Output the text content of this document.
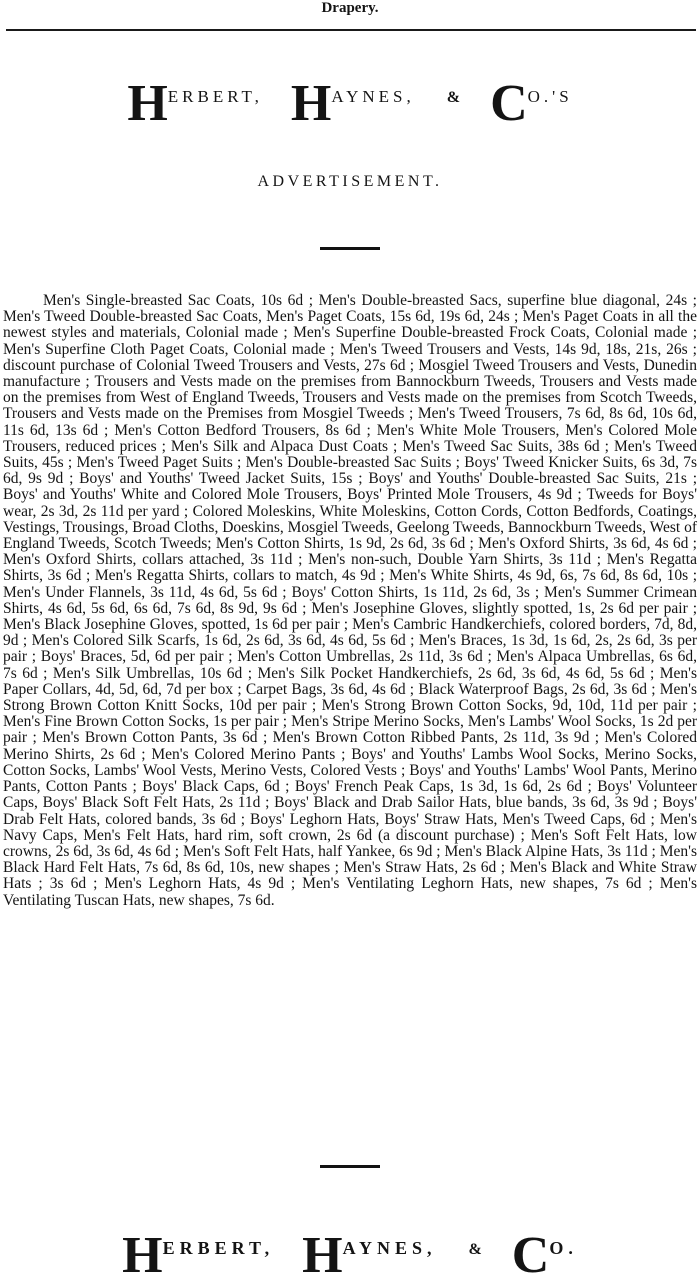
Drapery.
H ERBERT, H AYNES, & C O.'S
ADVERTISEMENT.

Men's Single-breasted Sac Coats, 10s 6d ; Men's Double-breasted Sacs, superfine blue diagonal, 24s ; Men's Tweed Double-breasted Sac Coats, Men's Paget Coats, 15s 6d, 19s 6d, 24s ; Men's Paget Coats in all the newest styles and materials, Colonial made ; Men's Superfine Double-breasted Frock Coats, Colonial made ; Men's Superfine Cloth Paget Coats, Colonial made ; Men's Tweed Trousers and Vests, 14s 9d, 18s, 21s, 26s ; discount purchase of Colonial Tweed Trousers and Vests, 27s 6d ; Mosgiel Tweed Trousers and Vests, Dunedin manufacture ; Trousers and Vests made on the premises from Bannockburn Tweeds, Trousers and Vests made on the premises from West of England Tweeds, Trousers and Vests made on the premises from Scotch Tweeds, Trousers and Vests made on the Premises from Mosgiel Tweeds ; Men's Tweed Trousers, 7s 6d, 8s 6d, 10s 6d, 11s 6d, 13s 6d ; Men's Cotton Bedford Trousers, 8s 6d ; Men's White Mole Trousers, Men's Colored Mole Trousers, reduced prices ; Men's Silk and Alpaca Dust Coats ; Men's Tweed Sac Suits, 38s 6d ; Men's Tweed Suits, 45s ; Men's Tweed Paget Suits ; Men's Double-breasted Sac Suits ; Boys' Tweed Knicker Suits, 6s 3d, 7s 6d, 9s 9d ; Boys' and Youths' Tweed Jacket Suits, 15s ; Boys' and Youths' Double-breasted Sac Suits, 21s ; Boys' and Youths' White and Colored Mole Trousers, Boys' Printed Mole Trousers, 4s 9d ; Tweeds for Boys' wear, 2s 3d, 2s 11d per yard ; Colored Moleskins, White Moleskins, Cotton Cords, Cotton Bedfords, Coatings, Vestings, Trousings, Broad Cloths, Doeskins, Mosgiel Tweeds, Geelong Tweeds, Bannockburn Tweeds, West of England Tweeds, Scotch Tweeds; Men's Cotton Shirts, 1s 9d, 2s 6d, 3s 6d ; Men's Oxford Shirts, 3s 6d, 4s 6d ; Men's Oxford Shirts, collars attached, 3s 11d ; Men's non-such, Double Yarn Shirts, 3s 11d ; Men's Regatta Shirts, 3s 6d ; Men's Regatta Shirts, collars to match, 4s 9d ; Men's White Shirts, 4s 9d, 6s, 7s 6d, 8s 6d, 10s ; Men's Under Flannels, 3s 11d, 4s 6d, 5s 6d ; Boys' Cotton Shirts, 1s 11d, 2s 6d, 3s ; Men's Summer Crimean Shirts, 4s 6d, 5s 6d, 6s 6d, 7s 6d, 8s 9d, 9s 6d ; Men's Josephine Gloves, slightly spotted, 1s, 2s 6d per pair ; Men's Black Josephine Gloves, spotted, 1s 6d per pair ; Men's Cambric Handkerchiefs, colored borders, 7d, 8d, 9d ; Men's Colored Silk Scarfs, 1s 6d, 2s 6d, 3s 6d, 4s 6d, 5s 6d ; Men's Braces, 1s 3d, 1s 6d, 2s, 2s 6d, 3s per pair ; Boys' Braces, 5d, 6d per pair ; Men's Cotton Umbrellas, 2s 11d, 3s 6d ; Men's Alpaca Umbrellas, 6s 6d, 7s 6d ; Men's Silk Umbrellas, 10s 6d ; Men's Silk Pocket Handkerchiefs, 2s 6d, 3s 6d, 4s 6d, 5s 6d ; Men's Paper Collars, 4d, 5d, 6d, 7d per box ; Carpet Bags, 3s 6d, 4s 6d ; Black Waterproof Bags, 2s 6d, 3s 6d ; Men's Strong Brown Cotton Knitt Socks, 10d per pair ; Men's Strong Brown Cotton Socks, 9d, 10d, 11d per pair ; Men's Fine Brown Cotton Socks, 1s per pair ; Men's Stripe Merino Socks, Men's Lambs' Wool Socks, 1s 2d per pair ; Men's Brown Cotton Pants, 3s 6d ; Men's Brown Cotton Ribbed Pants, 2s 11d, 3s 9d ; Men's Colored Merino Shirts, 2s 6d ; Men's Colored Merino Pants ; Boys' and Youths' Lambs Wool Socks, Merino Socks, Cotton Socks, Lambs' Wool Vests, Merino Vests, Colored Vests ; Boys' and Youths' Lambs' Wool Pants, Merino Pants, Cotton Pants ; Boys' Black Caps, 6d ; Boys' French Peak Caps, 1s 3d, 1s 6d, 2s 6d ; Boys' Volunteer Caps, Boys' Black Soft Felt Hats, 2s 11d ; Boys' Black and Drab Sailor Hats, blue bands, 3s 6d, 3s 9d ; Boys' Drab Felt Hats, colored bands, 3s 6d ; Boys' Leghorn Hats, Boys' Straw Hats, Men's Tweed Caps, 6d ; Men's Navy Caps, Men's Felt Hats, hard rim, soft crown, 2s 6d (a discount purchase) ; Men's Soft Felt Hats, low crowns, 2s 6d, 3s 6d, 4s 6d ; Men's Soft Felt Hats, half Yankee, 6s 9d ; Men's Black Alpine Hats, 3s 11d ; Men's Black Hard Felt Hats, 7s 6d, 8s 6d, 10s, new shapes ; Men's Straw Hats, 2s 6d ; Men's Black and White Straw Hats ; 3s 6d ; Men's Leghorn Hats, 4s 9d ; Men's Ventilating Leghorn Hats, new shapes, 7s 6d ; Men's Ventilating Tuscan Hats, new shapes, 7s 6d.

H ERBERT, H AYNES, & C O.
